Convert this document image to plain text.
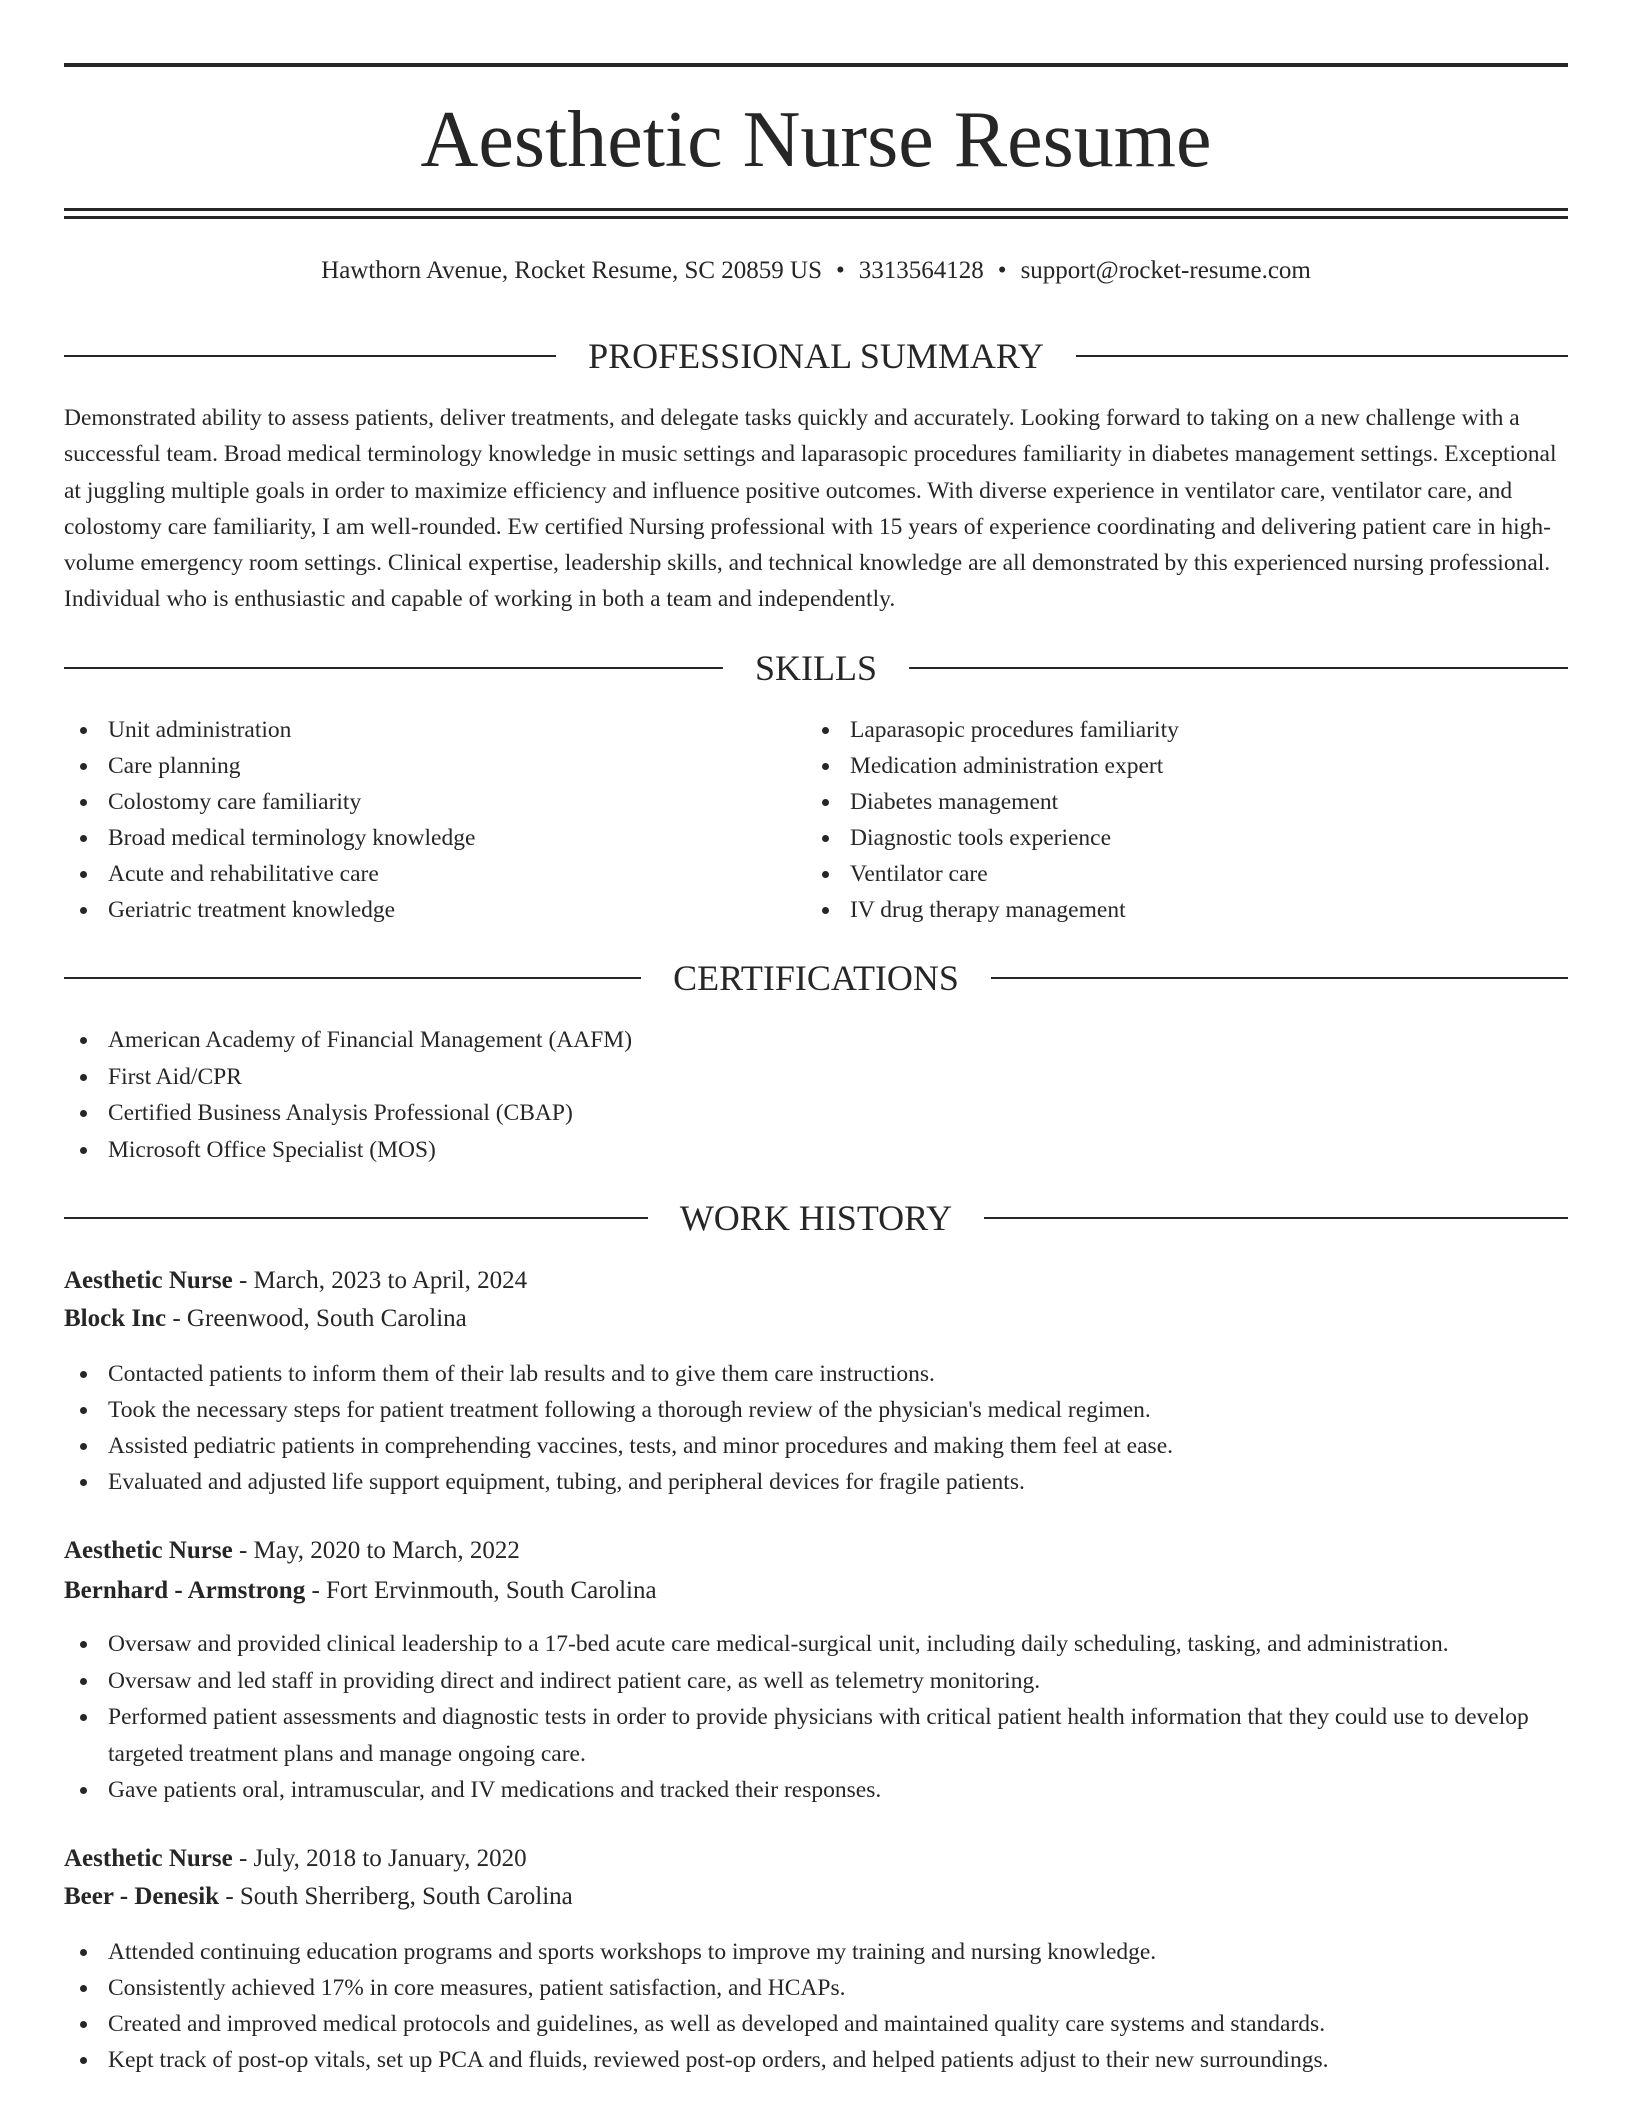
Aesthetic Nurse Resume
Hawthorn Avenue, Rocket Resume, SC 20859 US • 3313564128 • support@rocket-resume.com
PROFESSIONAL SUMMARY

Demonstrated ability to assess patients, deliver treatments, and delegate tasks quickly and accurately. Looking forward to taking on a new challenge with a successful team. Broad medical terminology knowledge in music settings and laparasopic procedures familiarity in diabetes management settings. Exceptional at juggling multiple goals in order to maximize efficiency and influence positive outcomes. With diverse experience in ventilator care, ventilator care, and colostomy care familiarity, I am well-rounded. Ew certified Nursing professional with 15 years of experience coordinating and delivering patient care in high-volume emergency room settings. Clinical expertise, leadership skills, and technical knowledge are all demonstrated by this experienced nursing professional. Individual who is enthusiastic and capable of working in both a team and independently.

SKILLS
Unit administration
Care planning
Colostomy care familiarity
Broad medical terminology knowledge
Acute and rehabilitative care
Geriatric treatment knowledge
Laparasopic procedures familiarity
Medication administration expert
Diabetes management
Diagnostic tools experience
Ventilator care
IV drug therapy management
CERTIFICATIONS
American Academy of Financial Management (AAFM)
First Aid/CPR
Certified Business Analysis Professional (CBAP)
Microsoft Office Specialist (MOS)
WORK HISTORY
Aesthetic Nurse - March, 2023 to April, 2024
Block Inc - Greenwood, South Carolina
Contacted patients to inform them of their lab results and to give them care instructions.
Took the necessary steps for patient treatment following a thorough review of the physician's medical regimen.
Assisted pediatric patients in comprehending vaccines, tests, and minor procedures and making them feel at ease.
Evaluated and adjusted life support equipment, tubing, and peripheral devices for fragile patients.
Aesthetic Nurse - May, 2020 to March, 2022
Bernhard - Armstrong - Fort Ervinmouth, South Carolina
Oversaw and provided clinical leadership to a 17-bed acute care medical-surgical unit, including daily scheduling, tasking, and administration.
Oversaw and led staff in providing direct and indirect patient care, as well as telemetry monitoring.
Performed patient assessments and diagnostic tests in order to provide physicians with critical patient health information that they could use to develop targeted treatment plans and manage ongoing care.
Gave patients oral, intramuscular, and IV medications and tracked their responses.
Aesthetic Nurse - July, 2018 to January, 2020
Beer - Denesik - South Sherriberg, South Carolina
Attended continuing education programs and sports workshops to improve my training and nursing knowledge.
Consistently achieved 17% in core measures, patient satisfaction, and HCAPs.
Created and improved medical protocols and guidelines, as well as developed and maintained quality care systems and standards.
Kept track of post-op vitals, set up PCA and fluids, reviewed post-op orders, and helped patients adjust to their new surroundings.
